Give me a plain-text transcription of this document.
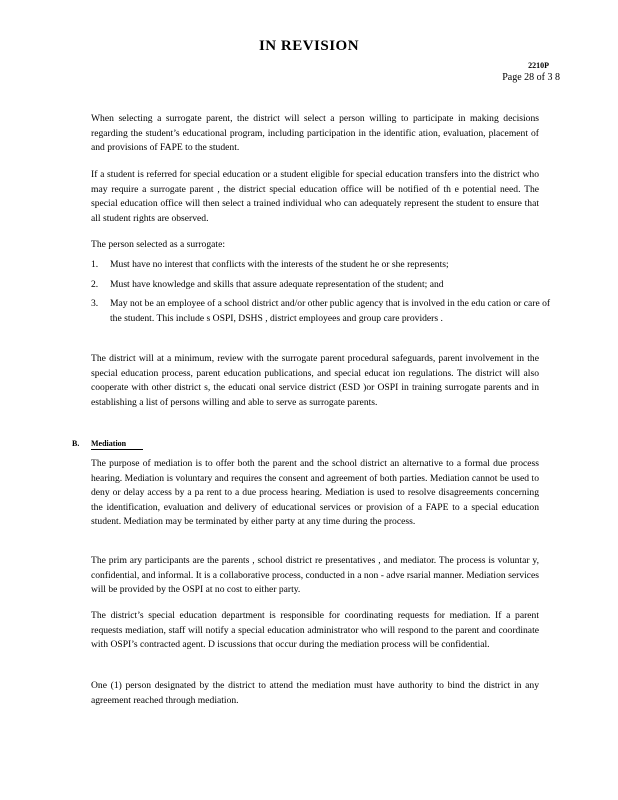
IN REVISION
2210P
Page 28 of 3 8

When selecting a surrogate parent, the district will select a person willing to participate in making decisions regarding the student’s educational program, including participation in the identific ation, evaluation, placement of and provisions of FAPE to the student.

If a student is referred for special education or a student eligible for special education transfers into the district who may require a surrogate parent , the district special education office will be notified of th e potential need. The special education office will then select a trained individual who can adequately represent the student to ensure that all student rights are observed.

The person selected as a surrogate:

1. Must have no interest that conflicts with the interests of the student he or she represents;
2. Must have knowledge and skills that assure adequate representation of the student; and
3. May not be an employee of a school district and/or other public agency that is involved in the edu cation or care of the student. This include s OSPI, DSHS , district employees and group care providers .

The district will at a minimum, review with the surrogate parent procedural safeguards, parent involvement in the special education process, parent education publications, and special educat ion regulations. The district will also cooperate with other district s, the educati onal service district (ESD )or OSPI in training surrogate parents and in establishing a list of persons willing and able to serve as surrogate parents.

B. Mediation

The purpose of mediation is to offer both the parent and the school district an alternative to a formal due process hearing. Mediation is voluntary and requires the consent and agreement of both parties. Mediation cannot be used to deny or delay access by a pa rent to a due process hearing. Mediation is used to resolve disagreements concerning the identification, evaluation and delivery of educational services or provision of a FAPE to a special education student. Mediation may be terminated by either party at any time during the process.

The prim ary participants are the parents , school district re presentatives , and mediator. The process is voluntar y, confidential, and informal. It is a collaborative process, conducted in a non - adve rsarial manner. Mediation services will be provided by the OSPI at no cost to either party.

The district’s special education department is responsible for coordinating requests for mediation. If a parent requests mediation, staff will notify a special education administrator who will respond to the parent and coordinate with OSPI’s contracted agent. D iscussions that occur during the mediation process will be confidential.

One (1) person designated by the district to attend the mediation must have authority to bind the district in any agreement reached through mediation.
